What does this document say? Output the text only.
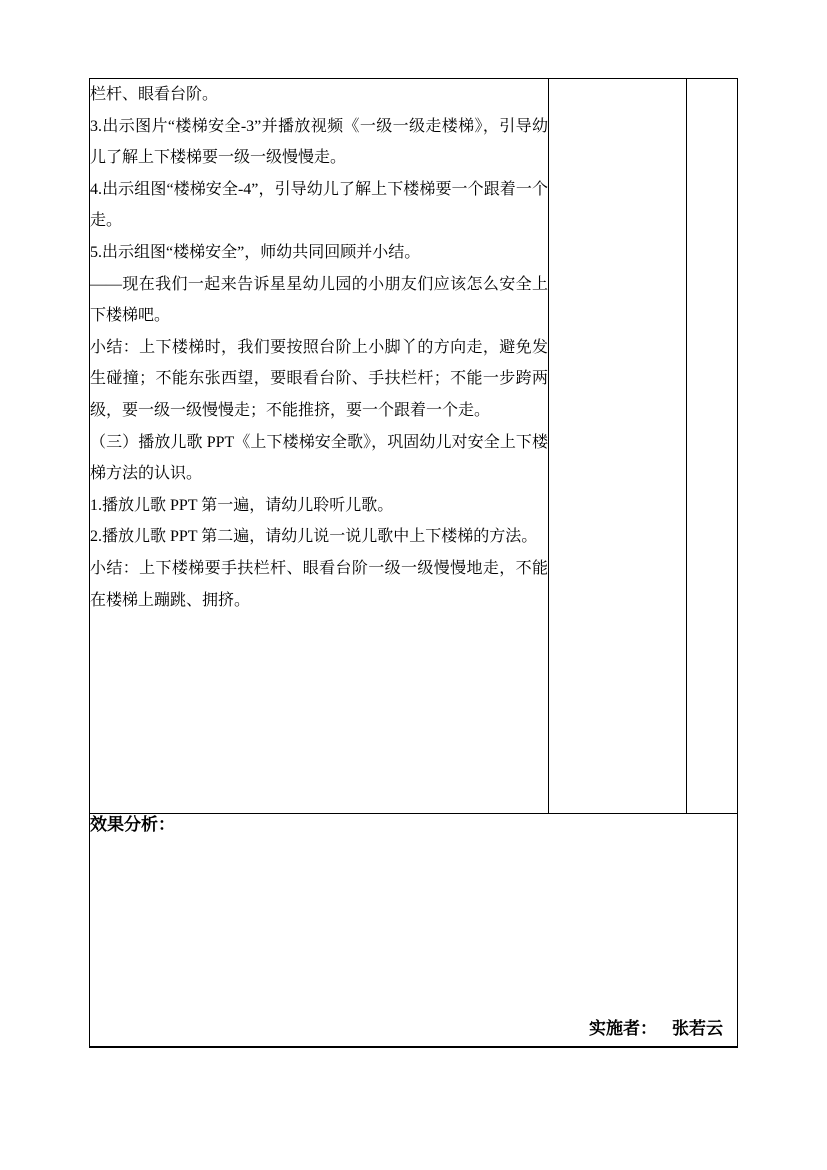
栏杆、眼看台阶。

3.出示图片“楼梯安全-3”并播放视频《一级一级走楼梯》，引导幼儿了解上下楼梯要一级一级慢慢走。

4.出示组图“楼梯安全-4”，引导幼儿了解上下楼梯要一个跟着一个走。

5.出示组图“楼梯安全”，师幼共同回顾并小结。

——现在我们一起来告诉星星幼儿园的小朋友们应该怎么安全上下楼梯吧。

小结：上下楼梯时，我们要按照台阶上小脚丫的方向走，避免发生碰撞；不能东张西望，要眼看台阶、手扶栏杆；不能一步跨两级，要一级一级慢慢走；不能推挤，要一个跟着一个走。

（三）播放儿歌 PPT《上下楼梯安全歌》，巩固幼儿对安全上下楼梯方法的认识。

1.播放儿歌 PPT 第一遍，请幼儿聆听儿歌。

2.播放儿歌 PPT 第二遍，请幼儿说一说儿歌中上下楼梯的方法。

小结：上下楼梯要手扶栏杆、眼看台阶一级一级慢慢地走，不能在楼梯上蹦跳、拥挤。

效果分析：
实施者： 张若云
